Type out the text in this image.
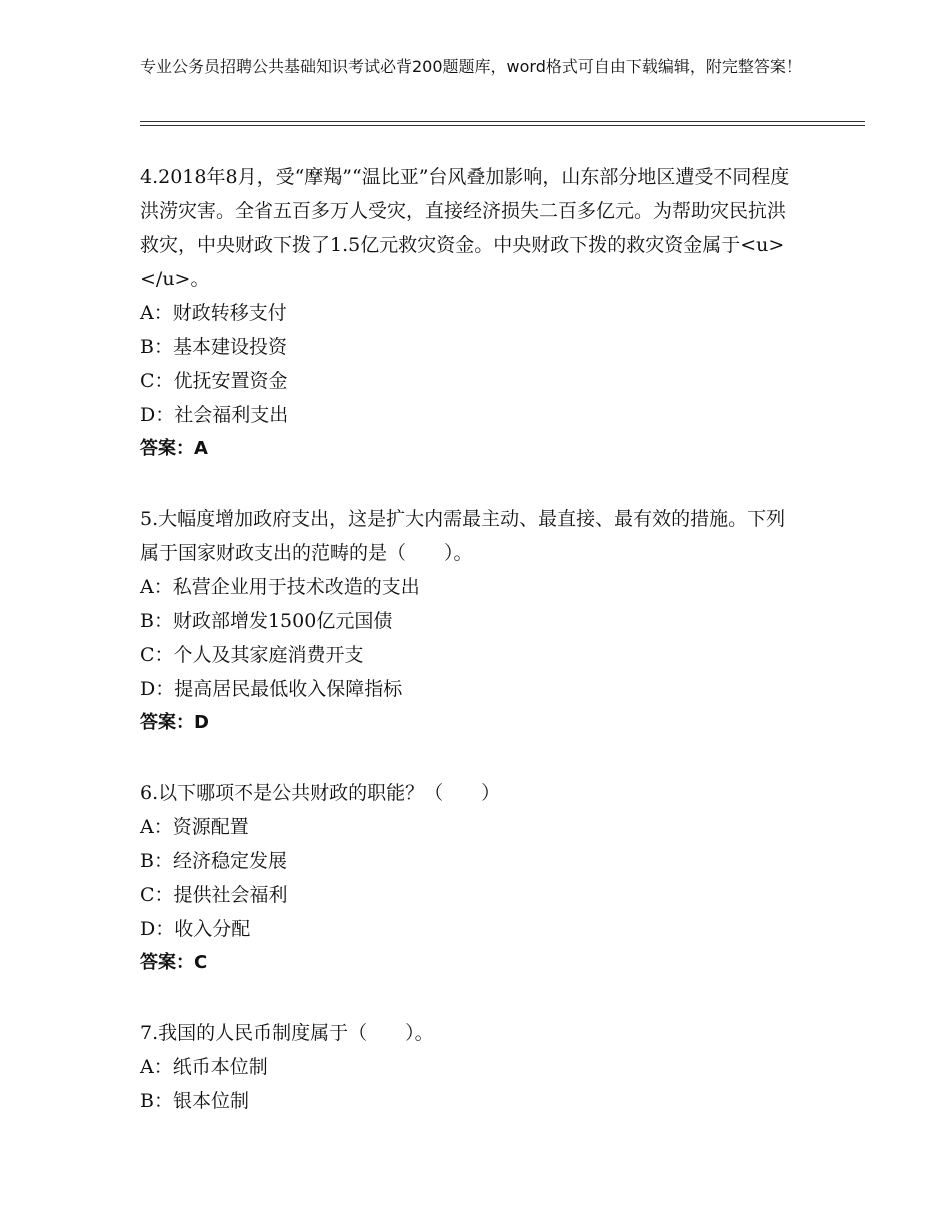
专业公务员招聘公共基础知识考试必背200题题库，word格式可自由下载编辑，附完整答案！

4.2018年8月，受“摩羯”“温比亚”台风叠加影响，山东部分地区遭受不同程度洪涝灾害。全省五百多万人受灾，直接经济损失二百多亿元。为帮助灾民抗洪救灾，中央财政下拨了1.5亿元救灾资金。中央财政下拨的救灾资金属于<u>　　 </u>。

A：财政转移支付

B：基本建设投资

C：优抚安置资金

D：社会福利支出

答案：A

5.大幅度增加政府支出，这是扩大内需最主动、最直接、最有效的措施。下列属于国家财政支出的范畴的是（　　）。

A：私营企业用于技术改造的支出

B：财政部增发1500亿元国债

C：个人及其家庭消费开支

D：提高居民最低收入保障指标

答案：D

6.以下哪项不是公共财政的职能？（　　）

A：资源配置

B：经济稳定发展

C：提供社会福利

D：收入分配

答案：C

7.我国的人民币制度属于（　　）。

A：纸币本位制

B：银本位制
